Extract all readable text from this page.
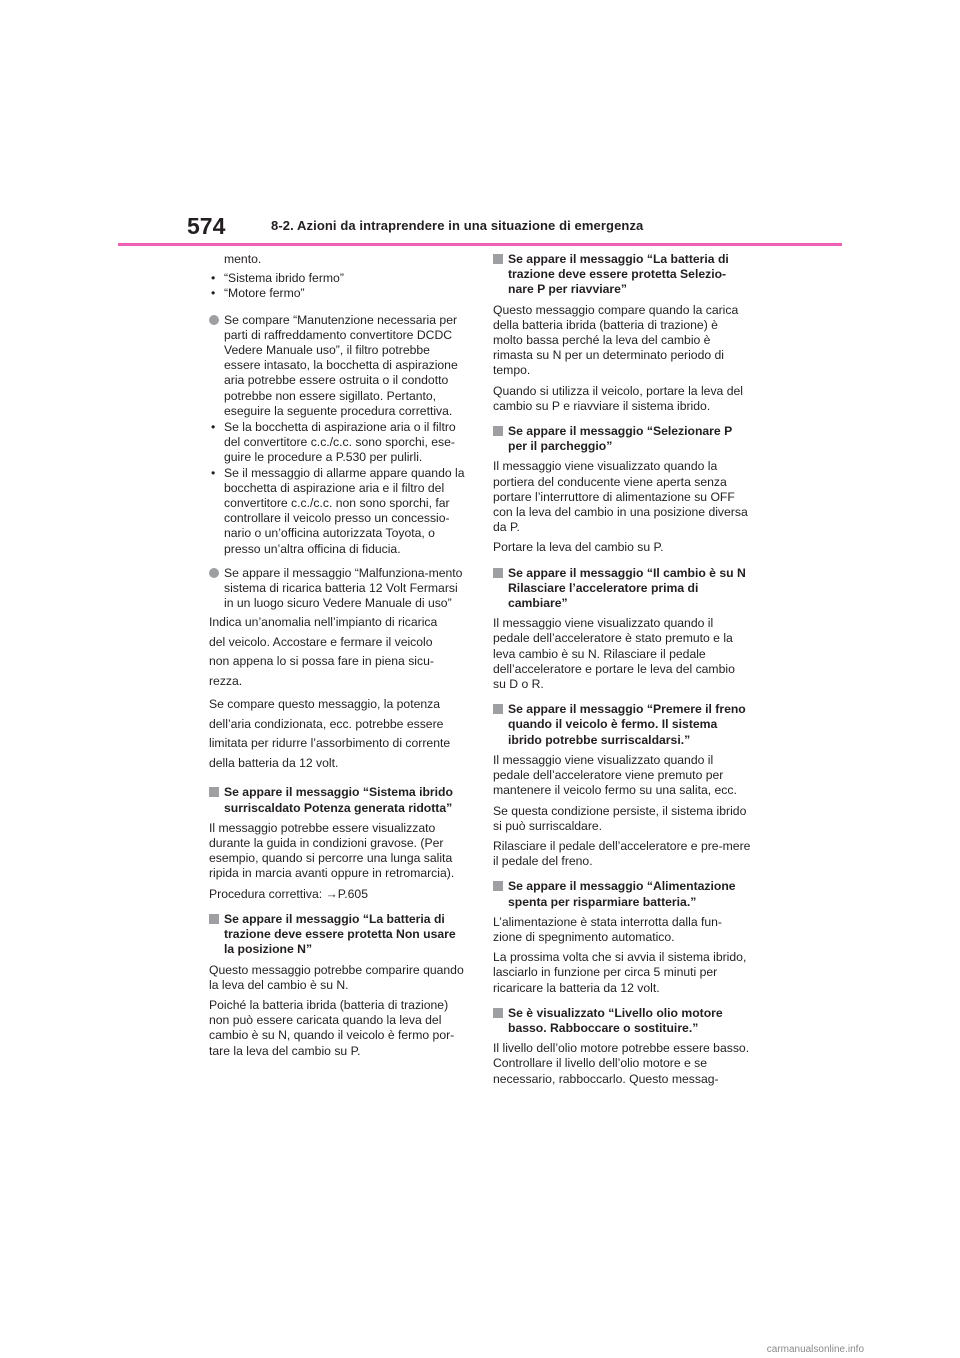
574	8-2. Azioni da intraprendere in una situazione di emergenza

mento.

• “Sistema ibrido fermo”
• “Motore fermo”
Se compare “Manutenzione necessaria per parti di raffreddamento convertitore DCDC Vedere Manuale uso”, il filtro potrebbe essere intasato, la bocchetta di aspirazione aria potrebbe essere ostruita o il condotto potrebbe non essere sigillato. Pertanto, eseguire la seguente procedura correttiva.
• Se la bocchetta di aspirazione aria o il filtro del convertitore c.c./c.c. sono sporchi, ese-guire le procedure a P.530 per pulirli.
• Se il messaggio di allarme appare quando la bocchetta di aspirazione aria e il filtro del convertitore c.c./c.c. non sono sporchi, far controllare il veicolo presso un concessio-nario o un’officina autorizzata Toyota, o presso un’altra officina di fiducia.
Se appare il messaggio “Malfunziona-mento sistema di ricarica batteria 12 Volt Fermarsi in un luogo sicuro Vedere Manuale di uso”
Indica un’anomalia nell’impianto di ricarica
del veicolo. Accostare e fermare il veicolo
non appena lo si possa fare in piena sicu-
rezza.
Se compare questo messaggio, la potenza
dell’aria condizionata, ecc. potrebbe essere
limitata per ridurre l’assorbimento di corrente
della batteria da 12 volt.
Se appare il messaggio “Sistema ibrido surriscaldato Potenza generata ridotta”

Il messaggio potrebbe essere visualizzato durante la guida in condizioni gravose. (Per esempio, quando si percorre una lunga salita ripida in marcia avanti oppure in retromarcia).

Procedura correttiva: →P.605

Se appare il messaggio “La batteria di trazione deve essere protetta Non usare la posizione N”

Questo messaggio potrebbe comparire quando la leva del cambio è su N.

Poiché la batteria ibrida (batteria di trazione) non può essere caricata quando la leva del cambio è su N, quando il veicolo è fermo por-tare la leva del cambio su P.

Se appare il messaggio “La batteria di trazione deve essere protetta Selezio-nare P per riavviare”

Questo messaggio compare quando la carica della batteria ibrida (batteria di trazione) è molto bassa perché la leva del cambio è rimasta su N per un determinato periodo di tempo.

Quando si utilizza il veicolo, portare la leva del cambio su P e riavviare il sistema ibrido.

Se appare il messaggio “Selezionare P per il parcheggio”

Il messaggio viene visualizzato quando la portiera del conducente viene aperta senza portare l’interruttore di alimentazione su OFF con la leva del cambio in una posizione diversa da P.

Portare la leva del cambio su P.

Se appare il messaggio “Il cambio è su N Rilasciare l’acceleratore prima di cambiare”

Il messaggio viene visualizzato quando il pedale dell’acceleratore è stato premuto e la leva cambio è su N. Rilasciare il pedale dell’acceleratore e portare le leva del cambio su D o R.

Se appare il messaggio “Premere il freno quando il veicolo è fermo. Il sistema ibrido potrebbe surriscaldarsi.”

Il messaggio viene visualizzato quando il pedale dell’acceleratore viene premuto per mantenere il veicolo fermo su una salita, ecc.

Se questa condizione persiste, il sistema ibrido si può surriscaldare.

Rilasciare il pedale dell’acceleratore e pre-mere il pedale del freno.

Se appare il messaggio “Alimentazione spenta per risparmiare batteria.”

L’alimentazione è stata interrotta dalla fun-zione di spegnimento automatico.

La prossima volta che si avvia il sistema ibrido, lasciarlo in funzione per circa 5 minuti per ricaricare la batteria da 12 volt.

Se è visualizzato “Livello olio motore basso. Rabboccare o sostituire.”

Il livello dell’olio motore potrebbe essere basso. Controllare il livello dell’olio motore e se necessario, rabboccarlo. Questo messag-

carmanualsonline.info
